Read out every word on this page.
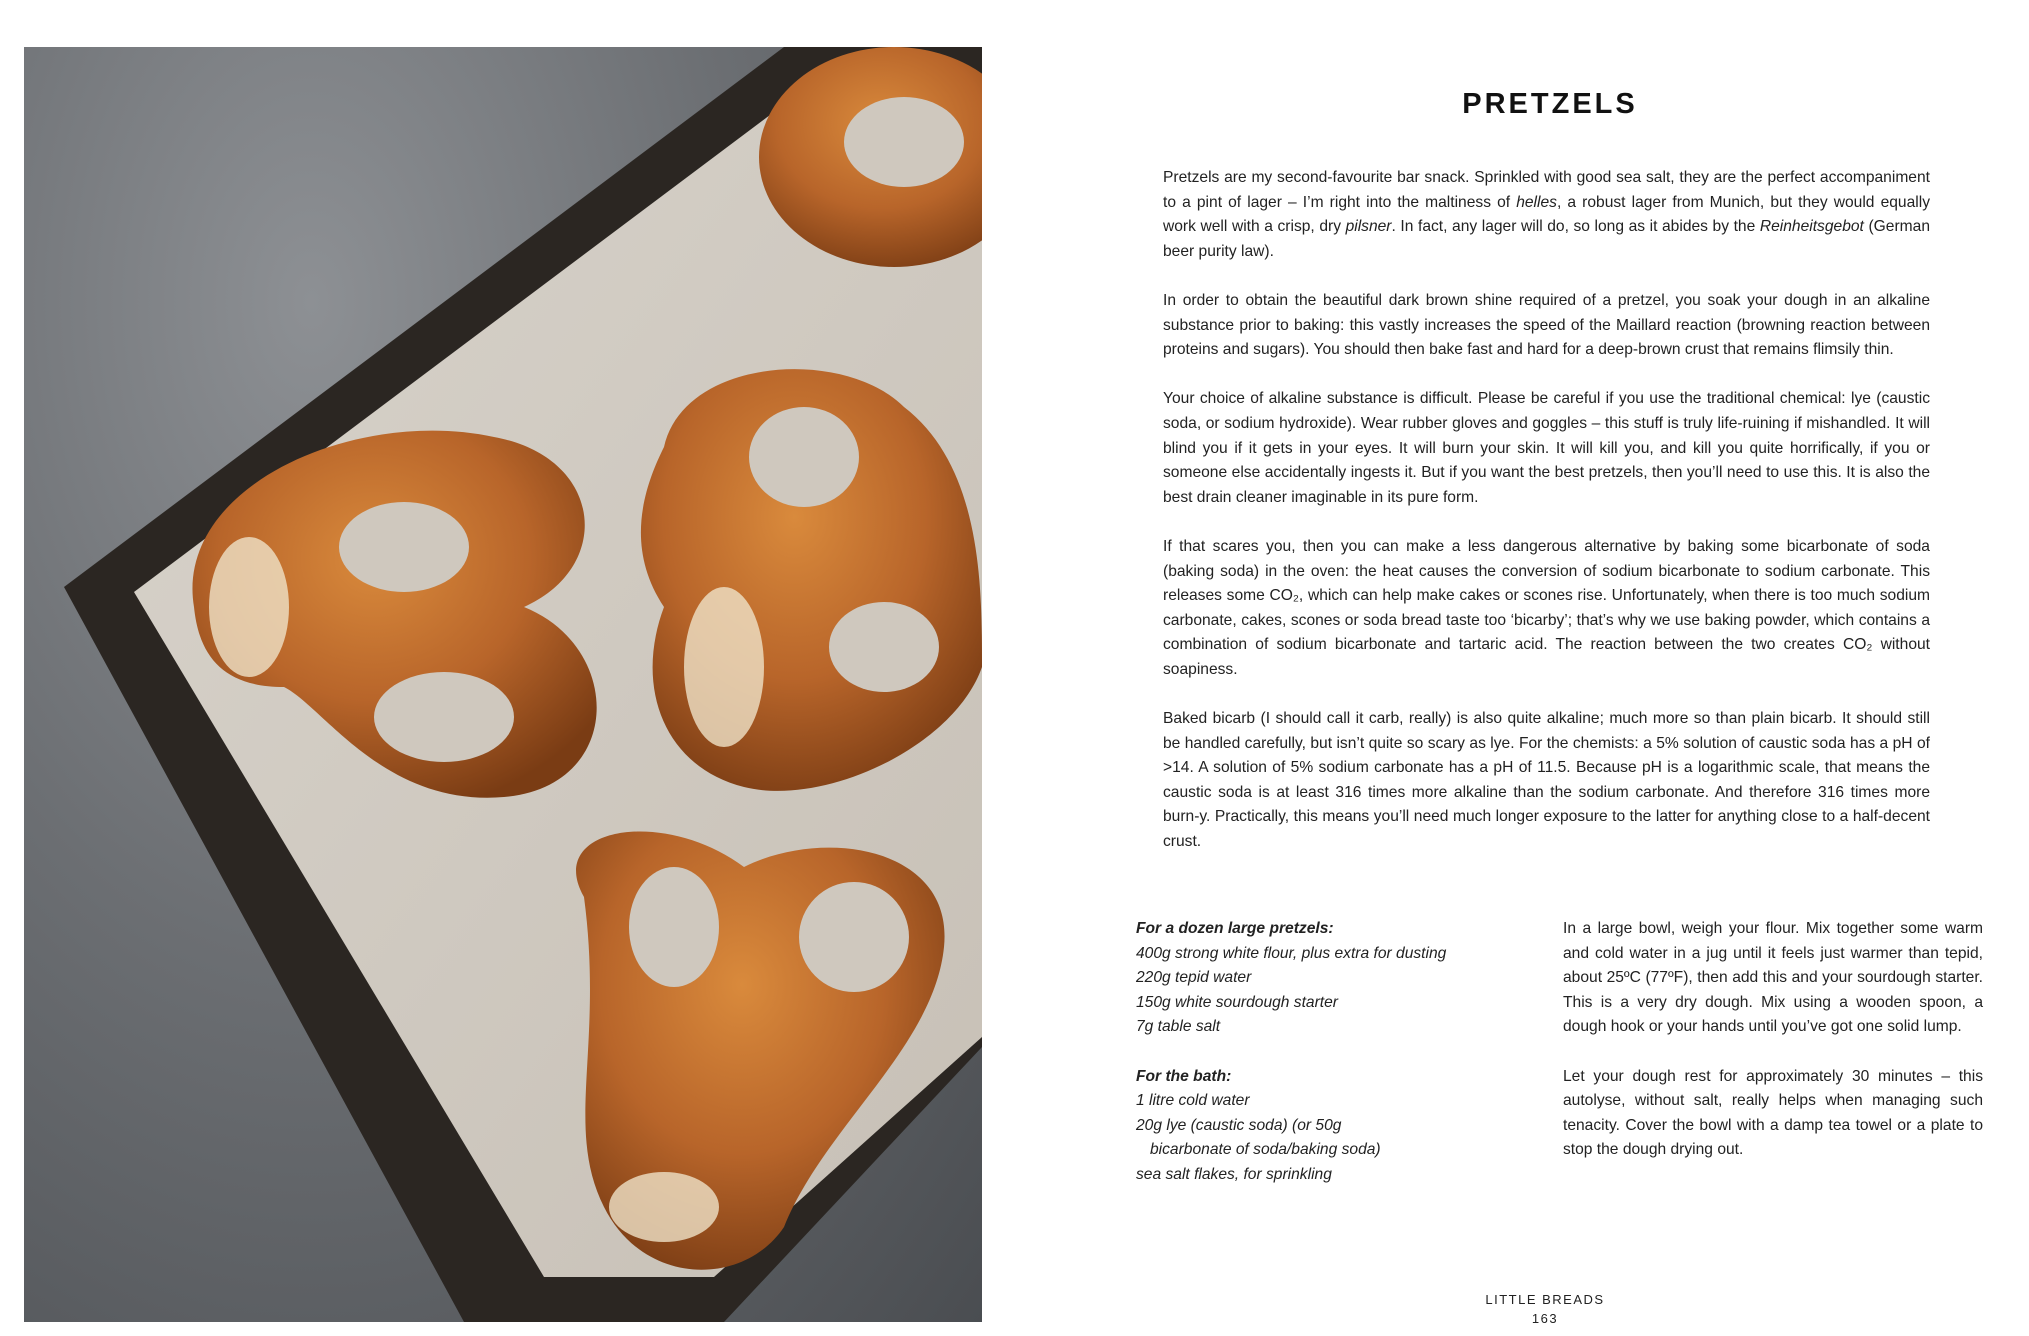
PRETZELS

Pretzels are my second-favourite bar snack. Sprinkled with good sea salt, they are the perfect accompaniment to a pint of lager – I’m right into the maltiness of helles, a robust lager from Munich, but they would equally work well with a crisp, dry pilsner. In fact, any lager will do, so long as it abides by the Reinheitsgebot (German beer purity law).

In order to obtain the beautiful dark brown shine required of a pretzel, you soak your dough in an alkaline substance prior to baking: this vastly increases the speed of the Maillard reaction (browning reaction between proteins and sugars). You should then bake fast and hard for a deep-brown crust that remains flimsily thin.

Your choice of alkaline substance is difficult. Please be careful if you use the traditional chemical: lye (caustic soda, or sodium hydroxide). Wear rubber gloves and goggles – this stuff is truly life-ruining if mishandled. It will blind you if it gets in your eyes. It will burn your skin. It will kill you, and kill you quite horrifically, if you or someone else accidentally ingests it. But if you want the best pretzels, then you’ll need to use this. It is also the best drain cleaner imaginable in its pure form.

If that scares you, then you can make a less dangerous alternative by baking some bicarbonate of soda (baking soda) in the oven: the heat causes the conversion of sodium bicarbonate to sodium carbonate. This releases some CO₂, which can help make cakes or scones rise. Unfortunately, when there is too much sodium carbonate, cakes, scones or soda bread taste too ‘bicarby’; that’s why we use baking powder, which contains a combination of sodium bicarbonate and tartaric acid. The reaction between the two creates CO₂ without soapiness.

Baked bicarb (I should call it carb, really) is also quite alkaline; much more so than plain bicarb. It should still be handled carefully, but isn’t quite so scary as lye. For the chemists: a 5% solution of caustic soda has a pH of >14. A solution of 5% sodium carbonate has a pH of 11.5. Because pH is a logarithmic scale, that means the caustic soda is at least 316 times more alkaline than the sodium carbonate. And therefore 316 times more burn-y. Practically, this means you’ll need much longer exposure to the latter for anything close to a half-decent crust.

For a dozen large pretzels:
400g strong white flour, plus extra for dusting
220g tepid water
150g white sourdough starter
7g table salt
For the bath:
1 litre cold water
20g lye (caustic soda) (or 50g
bicarbonate of soda/baking soda)
sea salt flakes, for sprinkling

In a large bowl, weigh your flour. Mix together some warm and cold water in a jug until it feels just warmer than tepid, about 25ºC (77ºF), then add this and your sourdough starter. This is a very dry dough. Mix using a wooden spoon, a dough hook or your hands until you’ve got one solid lump.

Let your dough rest for approximately 30 minutes – this autolyse, without salt, really helps when managing such tenacity. Cover the bowl with a damp tea towel or a plate to stop the dough drying out.

LITTLE BREADS
163
